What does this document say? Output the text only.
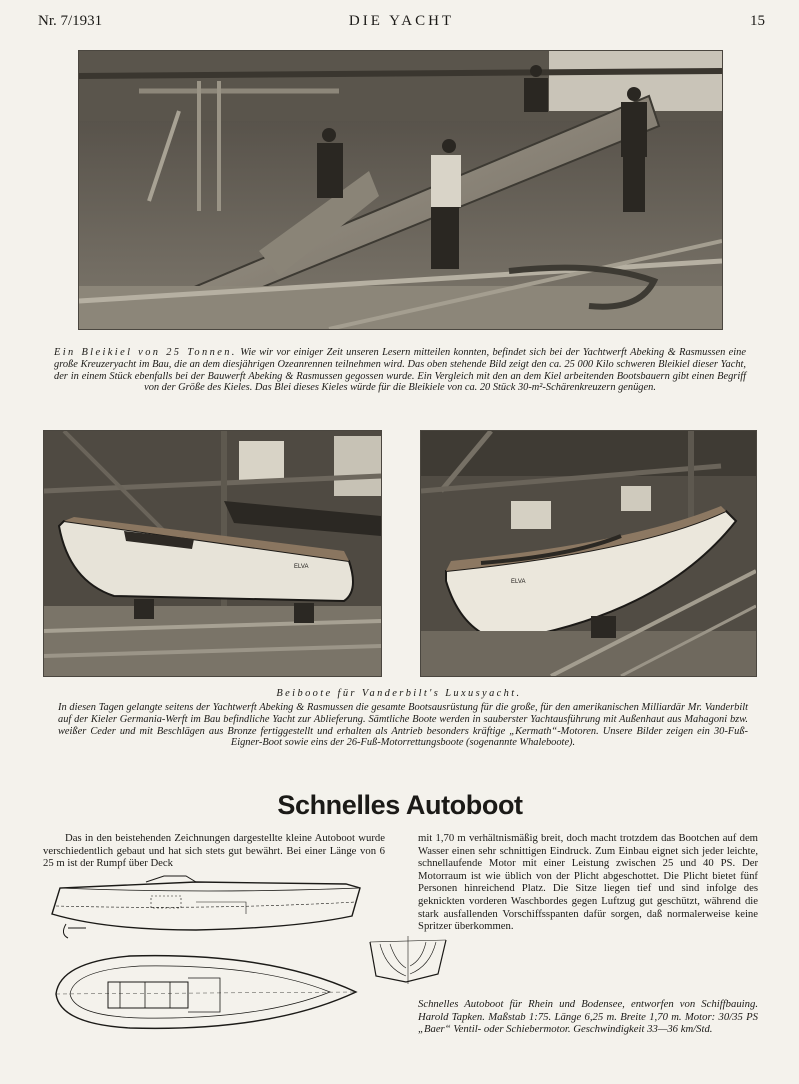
Nr. 7/1931	DIE YACHT	15
Ein Bleikiel von 25 Tonnen. Wie wir vor einiger Zeit unseren Lesern mitteilen konnten, befindet sich bei der Yachtwerft Abeking & Rasmussen eine große Kreuzeryacht im Bau, die an dem diesjährigen Ozeanrennen teilnehmen wird. Das oben stehende Bild zeigt den ca. 25 000 Kilo schweren Bleikiel dieser Yacht, der in einem Stück ebenfalls bei der Bauwerft Abeking & Rasmussen gegossen wurde. Ein Vergleich mit den an dem Kiel arbeitenden Bootsbauern gibt einen Begriff von der Größe des Kieles. Das Blei dieses Kieles würde für die Bleikiele von ca. 20 Stück 30-m²-Schärenkreuzern genügen.
ELVA
ELVA
Beiboote für Vanderbilt's Luxusyacht.
In diesen Tagen gelangte seitens der Yachtwerft Abeking & Rasmussen die gesamte Bootsausrüstung für die große, für den amerikanischen Milliardär Mr. Vanderbilt auf der Kieler Germania-Werft im Bau befindliche Yacht zur Ablieferung. Sämtliche Boote werden in sauberster Yachtausführung mit Außenhaut aus Mahagoni bzw. weißer Ceder und mit Beschlägen aus Bronze fertiggestellt und erhalten als Antrieb besonders kräftige „Kermath“-Motoren. Unsere Bilder zeigen ein 30-Fuß-Eigner-Boot sowie eins der 26-Fuß-Motorrettungsboote (sogenannte Whaleboote).
Schnelles Autoboot
Das in den beistehenden Zeichnungen dargestellte kleine Autoboot wurde verschiedentlich gebaut und hat sich stets gut bewährt. Bei einer Länge von 6 25 m ist der Rumpf über Deck
mit 1,70 m verhältnismäßig breit, doch macht trotzdem das Bootchen auf dem Wasser einen sehr schnittigen Eindruck. Zum Einbau eignet sich jeder leichte, schnellaufende Motor mit einer Leistung zwischen 25 und 40 PS. Der Motorraum ist wie üblich von der Plicht abgeschottet. Die Plicht bietet fünf Personen hinreichend Platz. Die Sitze liegen tief und sind infolge des geknickten vorderen Waschbordes gegen Luftzug gut geschützt, während die stark ausfallenden Vorschiffsspanten dafür sorgen, daß normalerweise keine Spritzer überkommen.
Schnelles Autoboot für Rhein und Bodensee, entworfen von Schiffbauing. Harold Tapken. Maßstab 1:75. Länge 6,25 m. Breite 1,70 m. Motor: 30/35 PS „Baer“ Ventil- oder Schiebermotor. Geschwindigkeit 33—36 km/Std.
